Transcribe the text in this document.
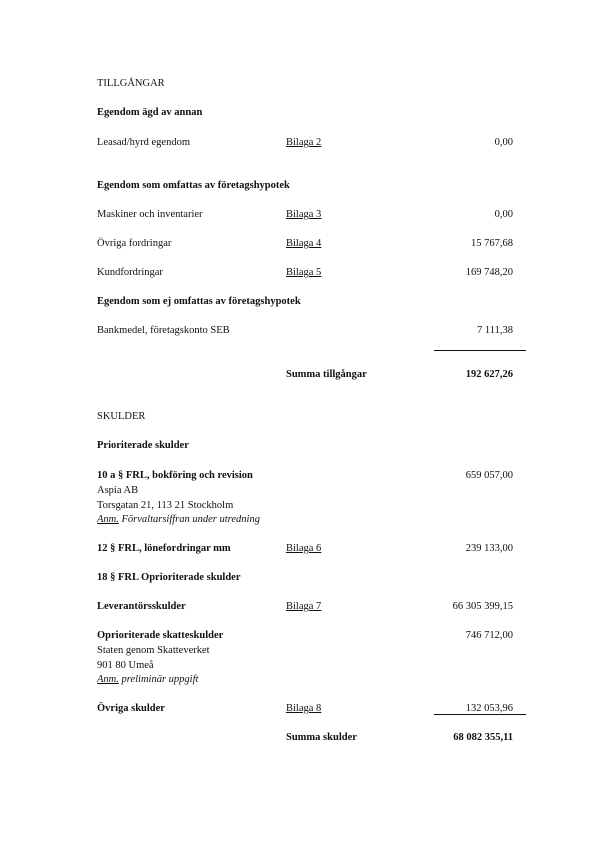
TILLGÅNGAR
Egendom ägd av annan
Leasad/hyrd egendom	Bilaga 2	0,00
Egendom som omfattas av företagshypotek
Maskiner och inventarier	Bilaga 3	0,00
Övriga fordringar	Bilaga 4	15 767,68
Kundfordringar	Bilaga 5	169 748,20
Egendom som ej omfattas av företagshypotek
Bankmedel, företagskonto SEB	7 111,38
Summa tillgångar	192 627,26
SKULDER
Prioriterade skulder
10 a § FRL, bokföring och revision	659 057,00
Aspia AB
Torsgatan 21, 113 21 Stockholm
Anm. Förvaltarsiffran under utredning
12 § FRL, lönefordringar mm	Bilaga 6	239 133,00
18 § FRL Oprioriterade skulder
Leverantörsskulder	Bilaga 7	66 305 399,15
Oprioriterade skatteskulder	746 712,00
Staten genom Skatteverket
901 80 Umeå
Anm. preliminär uppgift
Övriga skulder	Bilaga 8	132 053,96
Summa skulder	68 082 355,11
